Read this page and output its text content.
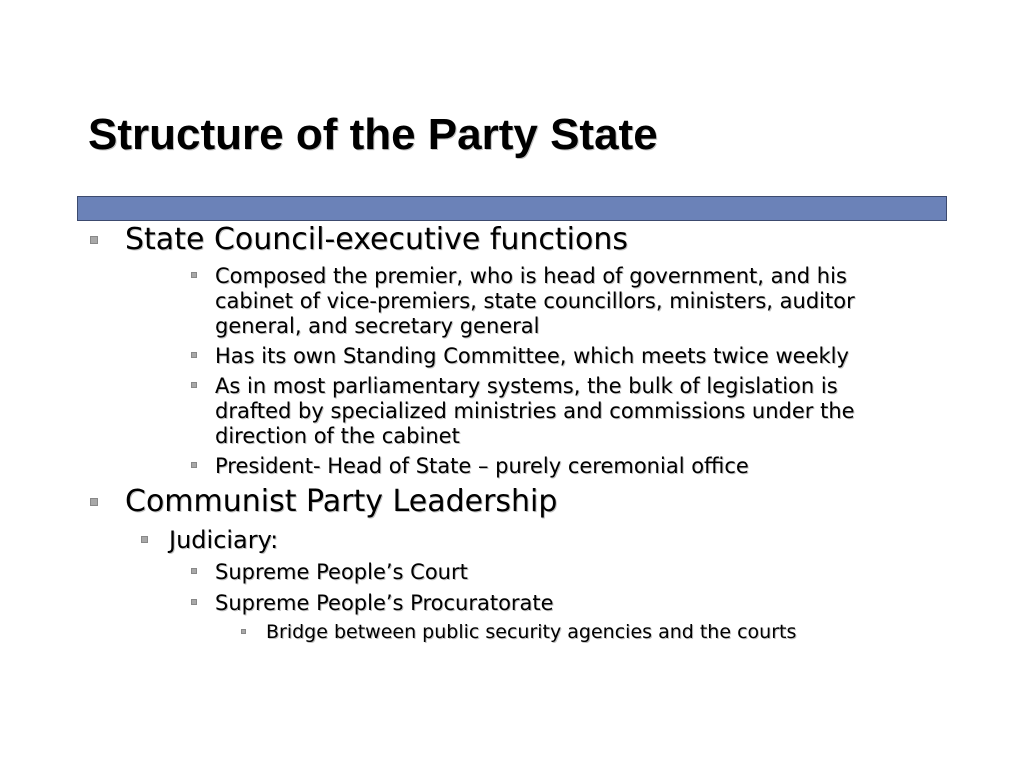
Structure of the Party State
State Council-executive functions
Composed the premier, who is head of government, and his
cabinet of vice-premiers, state councillors, ministers, auditor
general, and secretary general
Has its own Standing Committee, which meets twice weekly
As in most parliamentary systems, the bulk of legislation is
drafted by specialized ministries and commissions under the
direction of the cabinet
President- Head of State – purely ceremonial office
Communist Party Leadership
Judiciary:
Supreme People’s Court
Supreme People’s Procuratorate
Bridge between public security agencies and the courts
